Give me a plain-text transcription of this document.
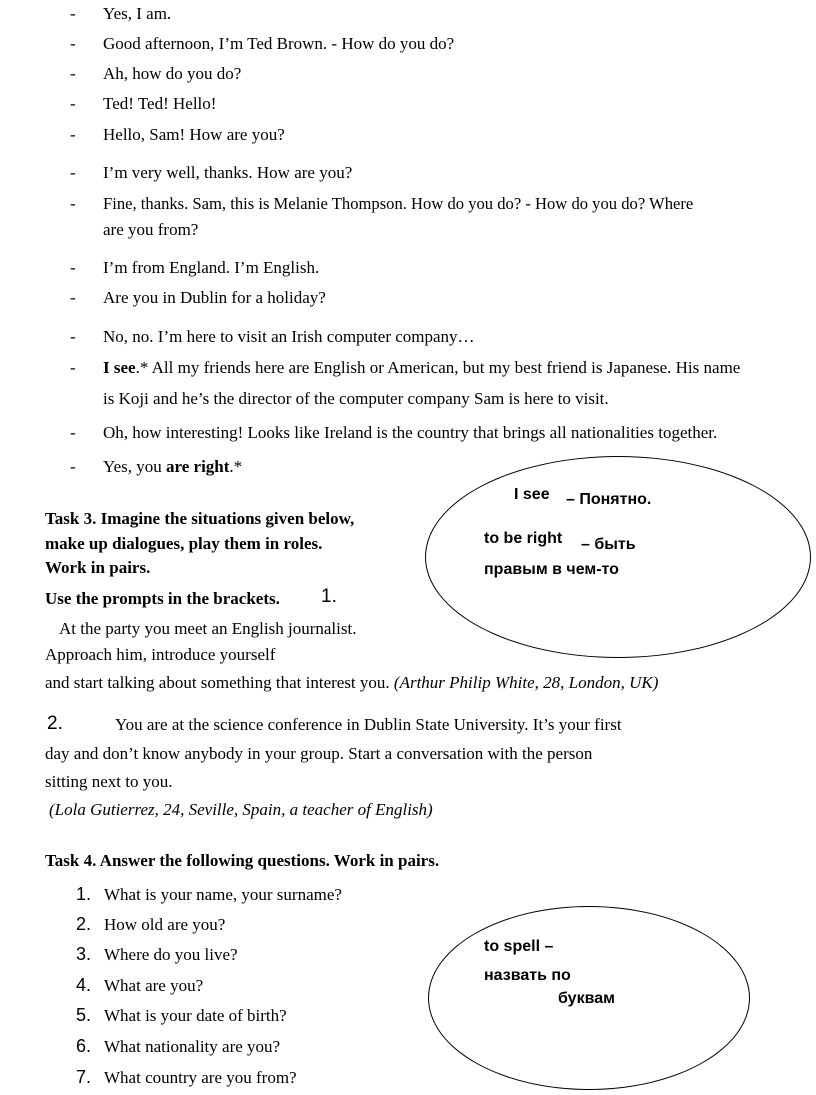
- Yes, I am.
- Good afternoon, I’m Ted Brown. - How do you do?
- Ah, how do you do?
- Ted! Ted! Hello!
- Hello, Sam! How are you?
- I’m very well, thanks. How are you?
- Fine, thanks. Sam, this is Melanie Thompson. How do you do? - How do you do? Where
are you from?
- I’m from England. I’m English.
- Are you in Dublin for a holiday?
- No, no. I’m here to visit an Irish computer company…
- I see.* All my friends here are English or American, but my best friend is Japanese. His name
is Koji and he’s the director of the computer company Sam is here to visit.
- Oh, how interesting! Looks like Ireland is the country that brings all nationalities together.
- Yes, you are right.*
I see – Понятно.
to be right – быть
правым в чем-то
Task 3. Imagine the situations given below,
make up dialogues, play them in roles.
Work in pairs.
Use the prompts in the brackets. 1.
At the party you meet an English journalist.
Approach him, introduce yourself
and start talking about something that interest you. (Arthur Philip White, 28, London, UK)
2.	You are at the science conference in Dublin State University. It’s your first
day and don’t know anybody in your group. Start a conversation with the person
sitting next to you.
(Lola Gutierrez, 24, Seville, Spain, a teacher of English)
Task 4. Answer the following questions. Work in pairs.
1. What is your name, your surname?
2. How old are you?
3. Where do you live?
4. What are you?
5. What is your date of birth?
6. What nationality are you?
7. What country are you from?
to spell –
назвать по
буквам
